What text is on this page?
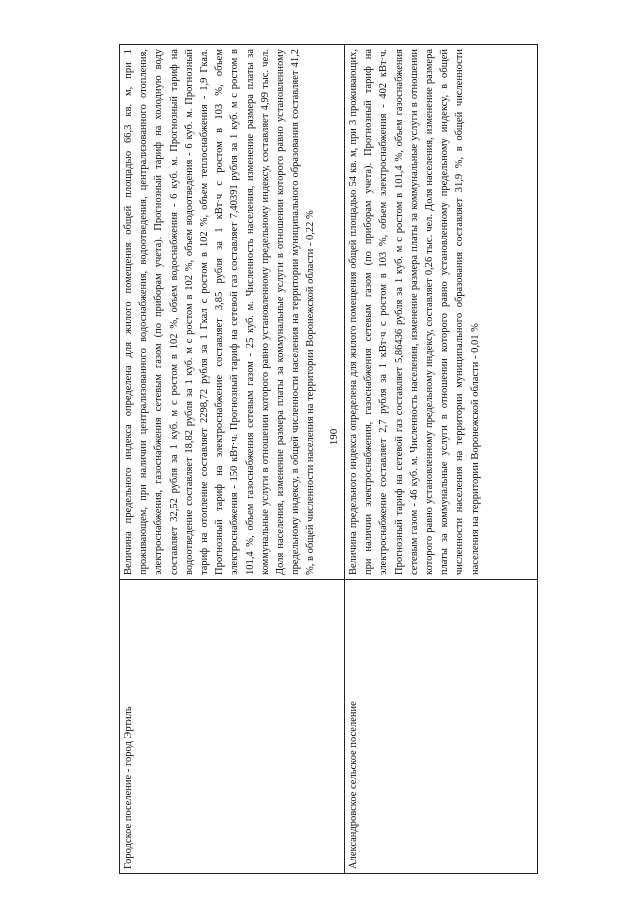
190
Городское поселение - город Эртиль	Величина предельного индекса определена для жилого помещения общей площадью 66,3 кв. м, при 1 проживающем, при наличии централизованного водоснабжения, водоотведения, централизованного отопления, электроснабжения, газоснабжения сетевым газом (по приборам учета). Прогнозный тариф на холодную воду составляет 32,52 рубля за 1 куб. м с ростом в 102 %, объем водоснабжения - 6 куб. м. Прогнозный тариф на водоотведение составляет 18,82 рубля за 1 куб. м с ростом в 102 %, объем водоотведения - 6 куб. м. Прогнозный тариф на отопление составляет 2298,72 рубля за 1 Гкал с ростом в 102 %, объем теплоснабжения - 1,9 Гкал. Прогнозный тариф на электроснабжение составляет 3,85 рубля за 1 кВт·ч с ростом в 103 %, объем электроснабжения - 150 кВт·ч. Прогнозный тариф на сетевой газ составляет 7,40391 рубля за 1 куб. м с ростом в 101,4 %, объем газоснабжения сетевым газом - 25 куб. м. Численность населения, изменение размера платы за коммунальные услуги в отношении которого равно установленному предельному индексу, составляет 4,99 тыс. чел. Доля населения, изменение размера платы за коммунальные услуги в отношении которого равно установленному предельному индексу, в общей численности населения на территории муниципального образования составляет 41,2 %, в общей численности населения на территории Воронежской области - 0,22 %
Александровское сельское поселение	Величина предельного индекса определена для жилого помещения общей площадью 54 кв. м, при 3 проживающих, при наличии электроснабжения, газоснабжения сетевым газом (по приборам учета). Прогнозный тариф на электроснабжение составляет 2,7 рубля за 1 кВт·ч с ростом в 103 %, объем электроснабжения - 402 кВт·ч. Прогнозный тариф на сетевой газ составляет 5,86436 рубля за 1 куб. м с ростом в 101,4 %, объем газоснабжения сетевым газом - 46 куб. м. Численность населения, изменение размера платы за коммунальные услуги в отношении которого равно установленному предельному индексу, составляет 0,26 тыс. чел. Доля населения, изменение размера платы за коммунальные услуги в отношении которого равно установленному предельному индексу, в общей численности населения на территории муниципального образования составляет 31,9 %, в общей численности населения на территории Воронежской области - 0,01 %
